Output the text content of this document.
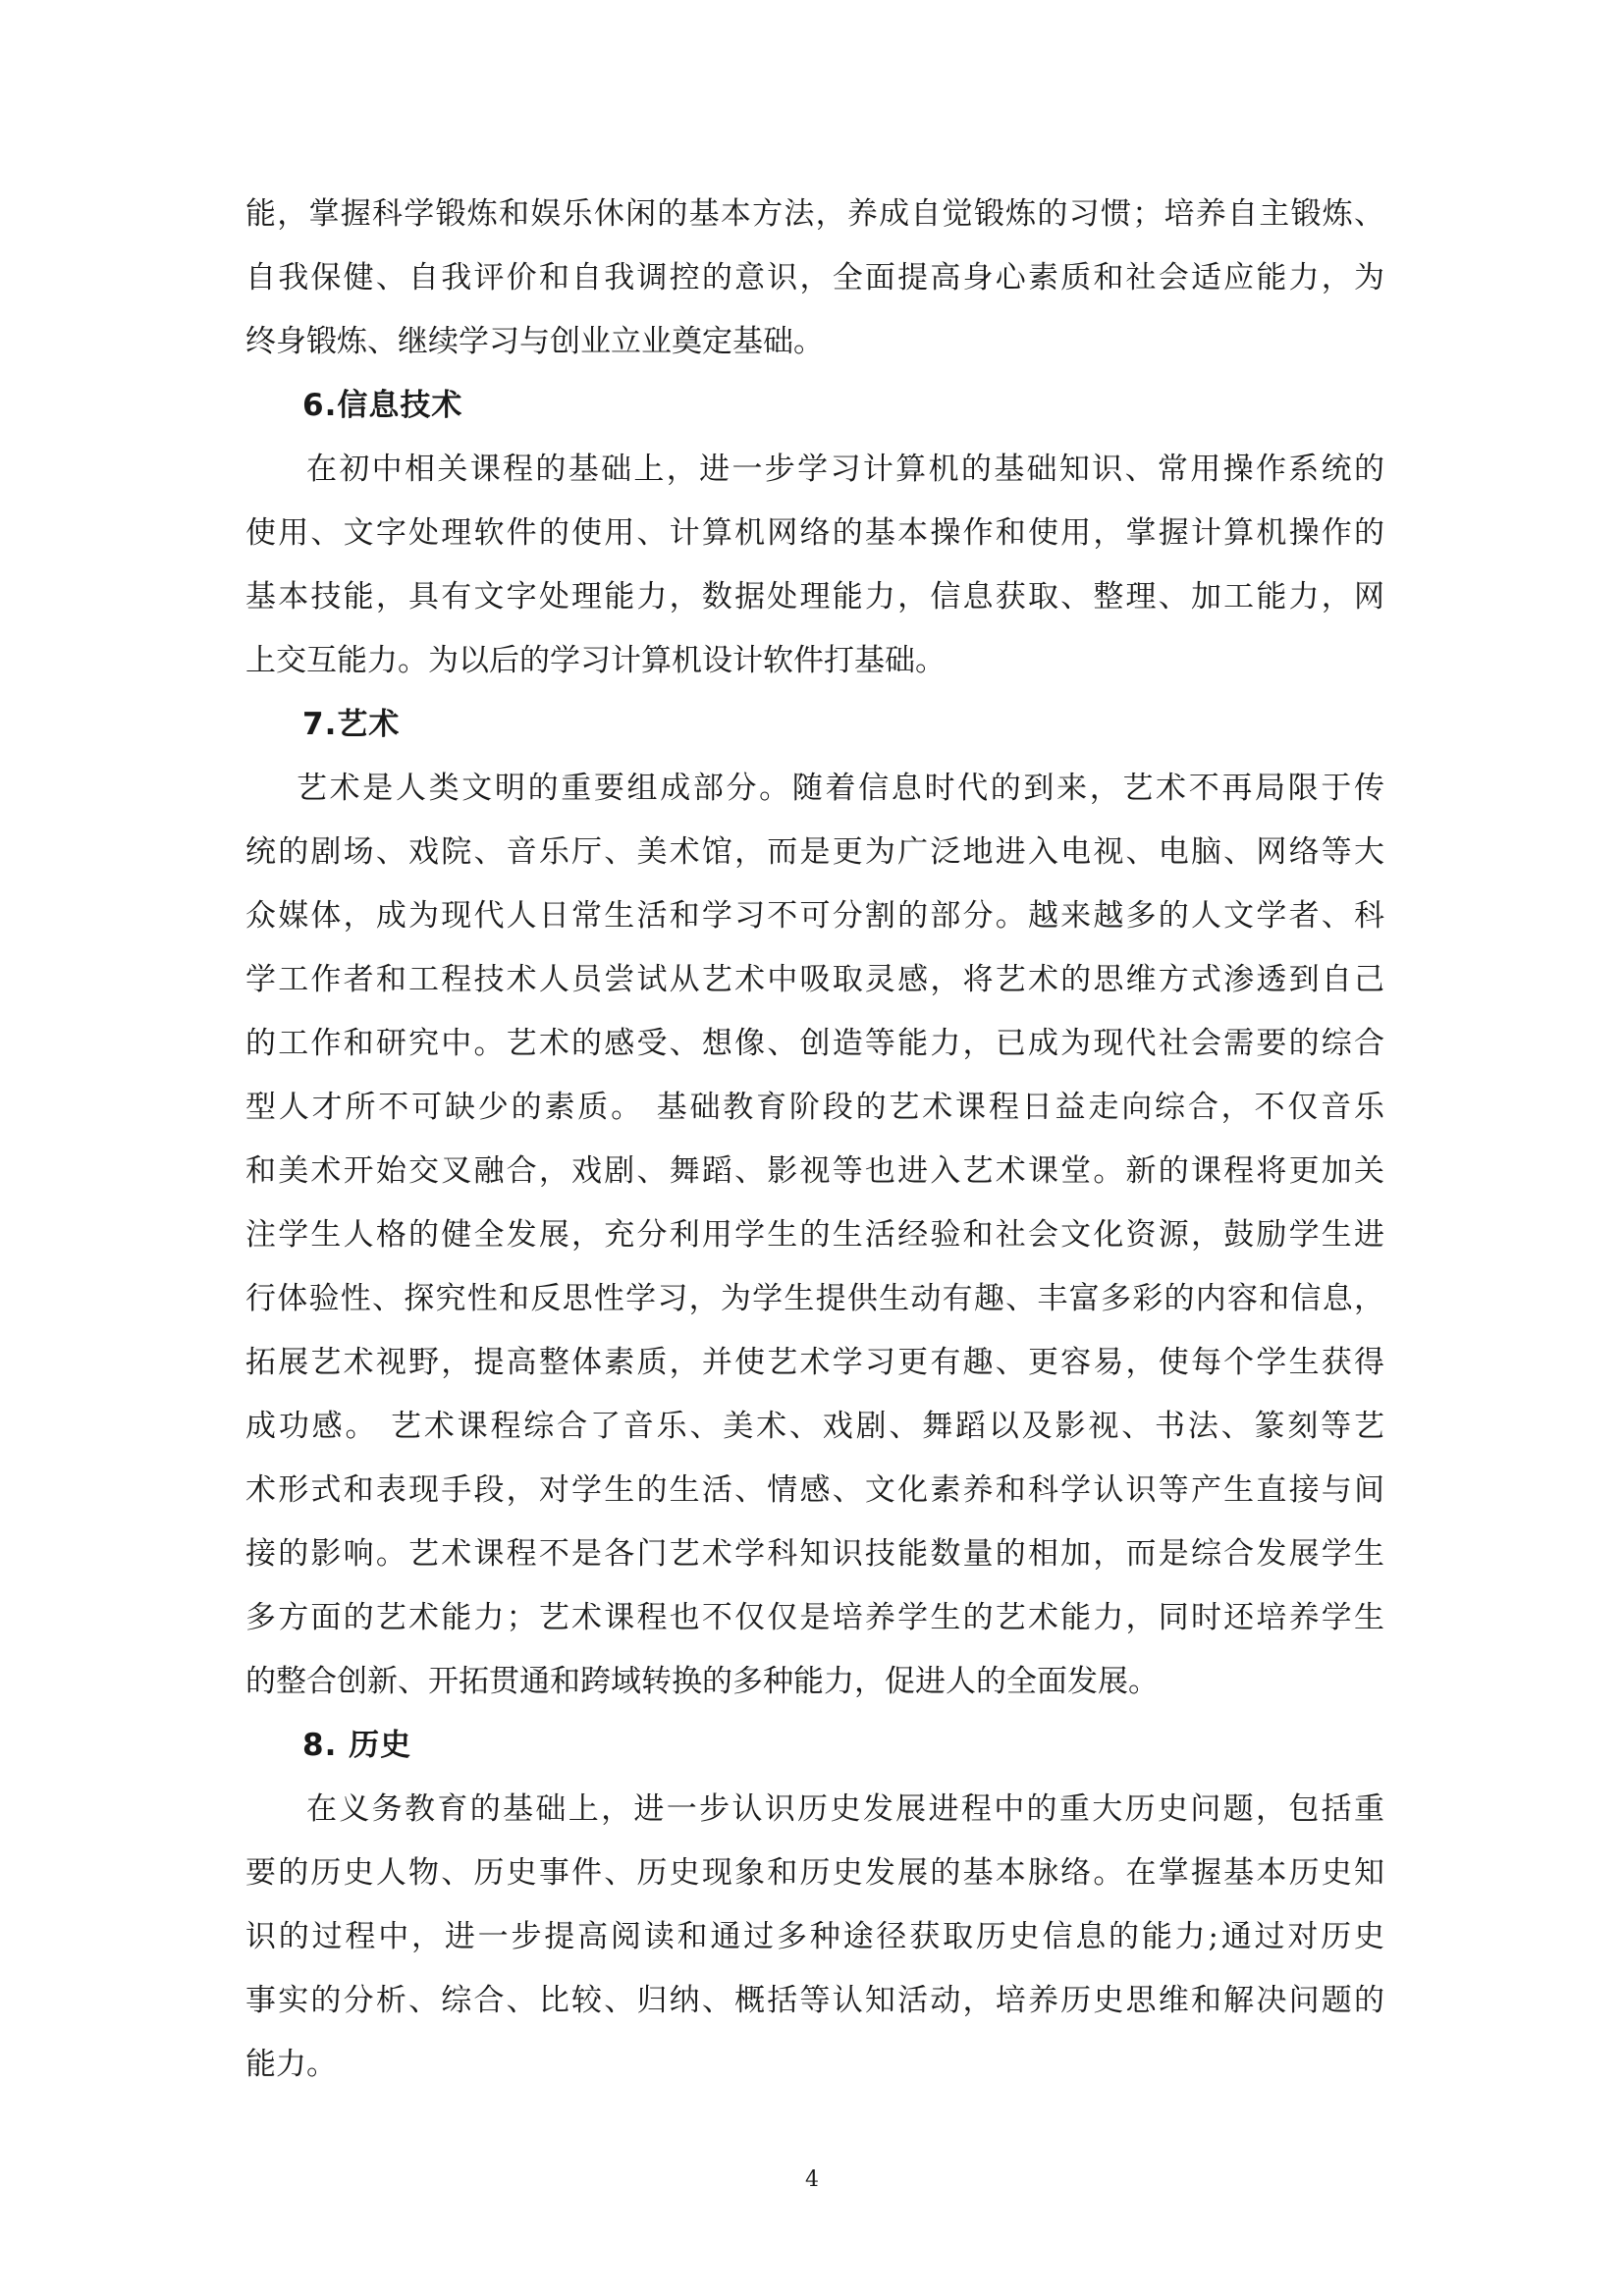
能，掌握科学锻炼和娱乐休闲的基本方法，养成自觉锻炼的习惯；培养自主锻炼、
自我保健、自我评价和自我调控的意识，全面提高身心素质和社会适应能力，为
终身锻炼、继续学习与创业立业奠定基础。
6.信息技术
在初中相关课程的基础上，进一步学习计算机的基础知识、常用操作系统的
使用、文字处理软件的使用、计算机网络的基本操作和使用，掌握计算机操作的
基本技能，具有文字处理能力，数据处理能力，信息获取、整理、加工能力，网
上交互能力。为以后的学习计算机设计软件打基础。
7.艺术
艺术是人类文明的重要组成部分。随着信息时代的到来，艺术不再局限于传
统的剧场、戏院、音乐厅、美术馆，而是更为广泛地进入电视、电脑、网络等大
众媒体，成为现代人日常生活和学习不可分割的部分。越来越多的人文学者、科
学工作者和工程技术人员尝试从艺术中吸取灵感，将艺术的思维方式渗透到自己
的工作和研究中。艺术的感受、想像、创造等能力，已成为现代社会需要的综合
型人才所不可缺少的素质。 基础教育阶段的艺术课程日益走向综合，不仅音乐
和美术开始交叉融合，戏剧、舞蹈、影视等也进入艺术课堂。新的课程将更加关
注学生人格的健全发展，充分利用学生的生活经验和社会文化资源，鼓励学生进
行体验性、探究性和反思性学习，为学生提供生动有趣、丰富多彩的内容和信息，
拓展艺术视野，提高整体素质，并使艺术学习更有趣、更容易，使每个学生获得
成功感。 艺术课程综合了音乐、美术、戏剧、舞蹈以及影视、书法、篆刻等艺
术形式和表现手段，对学生的生活、情感、文化素养和科学认识等产生直接与间
接的影响。艺术课程不是各门艺术学科知识技能数量的相加，而是综合发展学生
多方面的艺术能力；艺术课程也不仅仅是培养学生的艺术能力，同时还培养学生
的整合创新、开拓贯通和跨域转换的多种能力，促进人的全面发展。
8. 历史
在义务教育的基础上，进一步认识历史发展进程中的重大历史问题，包括重
要的历史人物、历史事件、历史现象和历史发展的基本脉络。在掌握基本历史知
识的过程中，进一步提高阅读和通过多种途径获取历史信息的能力;通过对历史
事实的分析、综合、比较、归纳、概括等认知活动，培养历史思维和解决问题的
能力。
4
